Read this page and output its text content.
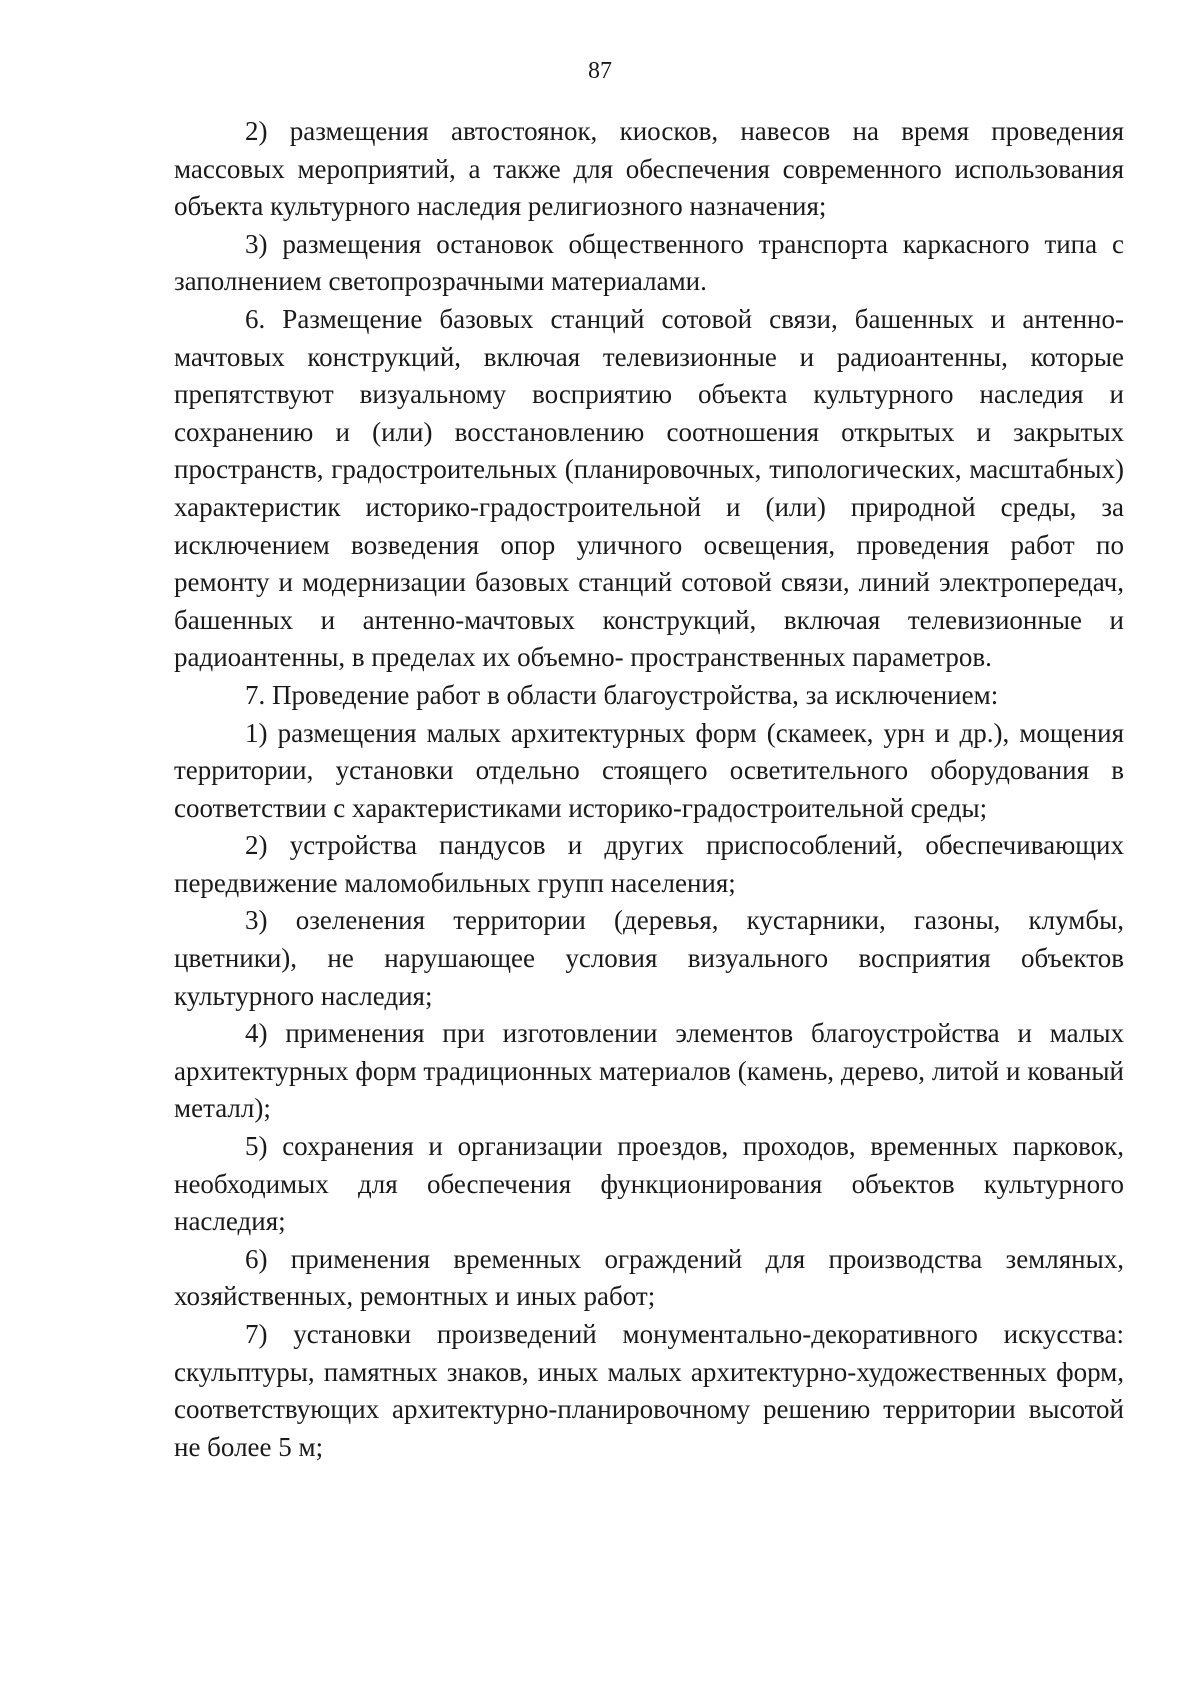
87

2) размещения автостоянок, киосков, навесов на время проведения массовых мероприятий, а также для обеспечения современного использования объекта культурного наследия религиозного назначения;

3) размещения остановок общественного транспорта каркасного типа с заполнением светопрозрачными материалами.

6. Размещение базовых станций сотовой связи, башенных и антенно-мачтовых конструкций, включая телевизионные и радиоантенны, которые препятствуют визуальному восприятию объекта культурного наследия и сохранению и (или) восстановлению соотношения открытых и закрытых пространств, градостроительных (планировочных, типологических, масштабных) характеристик историко-градостроительной и (или) природной среды, за исключением возведения опор уличного освещения, проведения работ по ремонту и модернизации базовых станций сотовой связи, линий электропередач, башенных и антенно-мачтовых конструкций, включая телевизионные и радиоантенны, в пределах их объемно- пространственных параметров.

7. Проведение работ в области благоустройства, за исключением:

1) размещения малых архитектурных форм (скамеек, урн и др.), мощения территории, установки отдельно стоящего осветительного оборудования в соответствии с характеристиками историко-градостроительной среды;

2) устройства пандусов и других приспособлений, обеспечивающих передвижение маломобильных групп населения;

3) озеленения территории (деревья, кустарники, газоны, клумбы, цветники), не нарушающее условия визуального восприятия объектов культурного наследия;

4) применения при изготовлении элементов благоустройства и малых архитектурных форм традиционных материалов (камень, дерево, литой и кованый металл);

5) сохранения и организации проездов, проходов, временных парковок, необходимых для обеспечения функционирования объектов культурного наследия;

6) применения временных ограждений для производства земляных, хозяйственных, ремонтных и иных работ;

7) установки произведений монументально-декоративного искусства: скульптуры, памятных знаков, иных малых архитектурно-художественных форм, соответствующих архитектурно-планировочному решению территории высотой не более 5 м;
